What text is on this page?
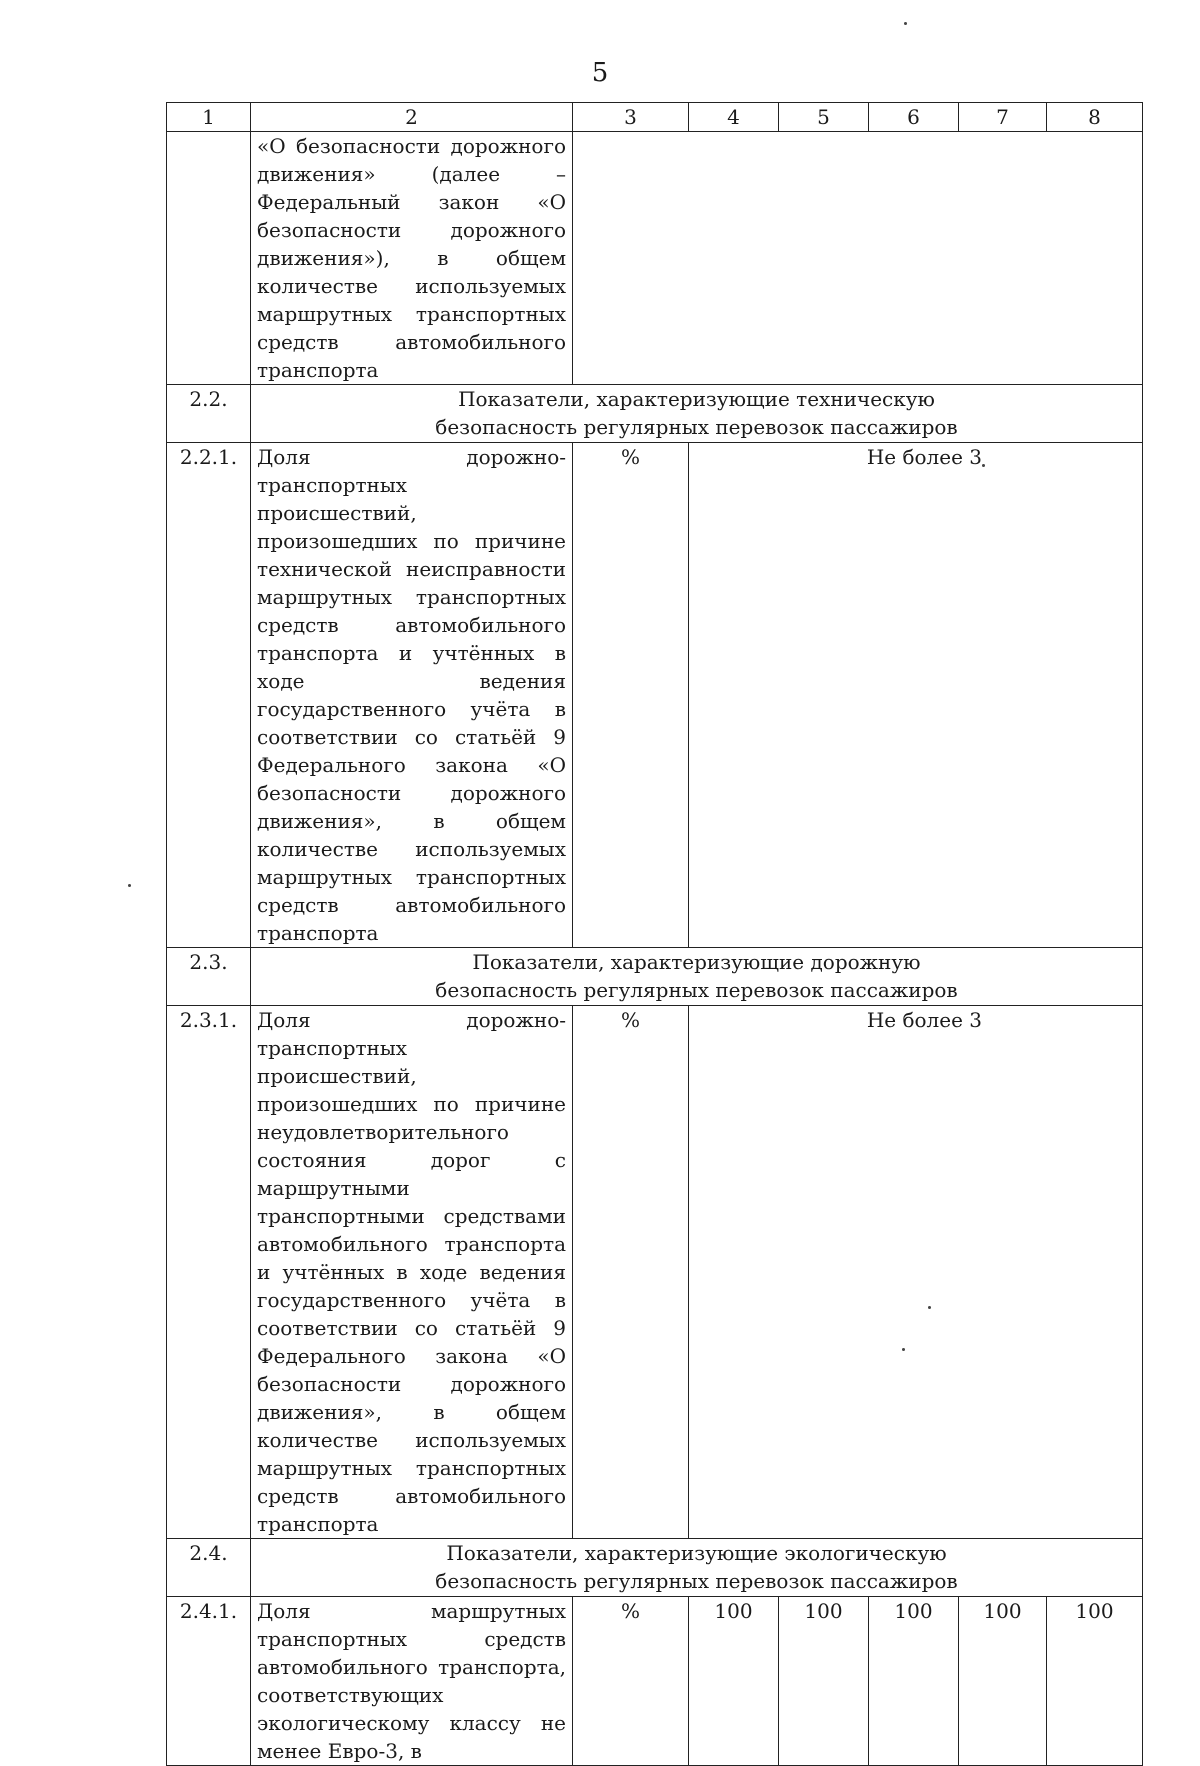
5
1	2	3	4	5	6	7	8
	«О безопасности дорожного движения» (далее – Федеральный закон «О безопасности дорожного движения»), в общем количестве используемых маршрутных транспортных средств автомобильного транспорта						
2.2.	Показатели, характеризующие техническую безопасность регулярных перевозок пассажиров						

2.2.1.	Доля дорожно-транспортных происшествий, произошедших по причине технической неисправности маршрутных транспортных средств автомобильного транспорта и учтённых в ходе ведения государственного учёта в соответствии со статьёй 9 Федерального закона «О безопасности дорожного движения», в общем количестве используемых маршрутных транспортных средств автомобильного транспорта	%	Не более 3				
2.3.	Показатели, характеризующие дорожную безопасность регулярных перевозок пассажиров						

2.3.1.	Доля дорожно-транспортных происшествий, произошедших по причине неудовлетворительного состояния дорог с маршрутными транспортными средствами автомобильного транспорта и учтённых в ходе ведения государственного учёта в соответствии со статьёй 9 Федерального закона «О безопасности дорожного движения», в общем количестве используемых маршрутных транспортных средств автомобильного транспорта	%	Не более 3				
2.4.	Показатели, характеризующие экологическую безопасность регулярных перевозок пассажиров						

2.4.1.	Доля маршрутных транспортных средств автомобильного транспорта, соответствующих экологическому классу не менее Евро-3, в	%	100	100	100	100	100
